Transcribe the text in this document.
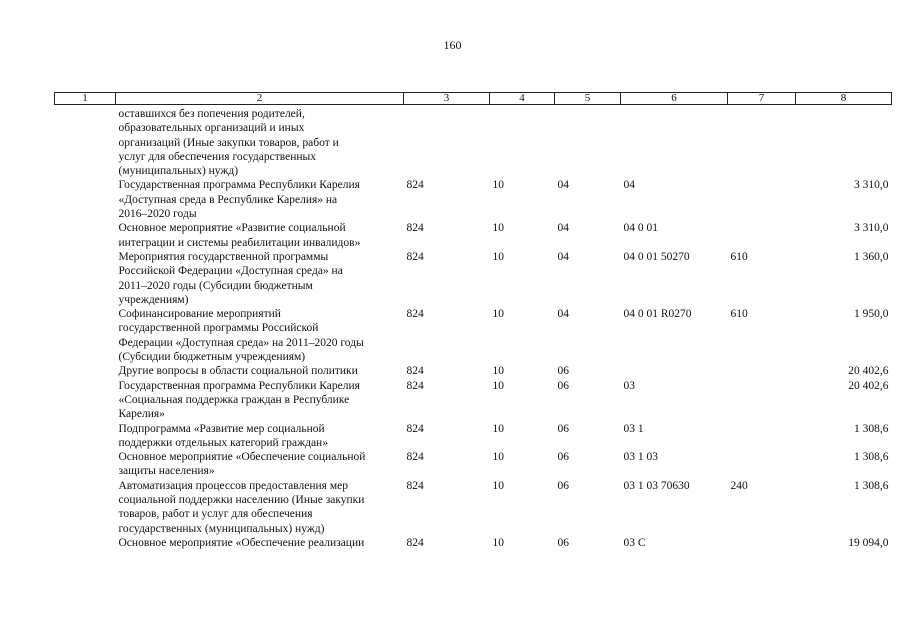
160
1	2	3	4	5	6	7	8

	оставшихся без попечения родителей,
образовательных организаций и иных
организаций (Иные закупки товаров, работ и
услуг для обеспечения государственных
(муниципальных) нужд)						

	Государственная программа Республики Карелия
«Доступная среда в Республике Карелия» на
2016–2020 годы	824	10	04	04		3 310,0

	Основное мероприятие «Развитие социальной
интеграции и системы реабилитации инвалидов»	824	10	04	04 0 01		3 310,0

	Мероприятия государственной программы
Российской Федерации «Доступная среда» на
2011–2020 годы (Субсидии бюджетным
учреждениям)	824	10	04	04 0 01 50270	610	1 360,0

	Софинансирование мероприятий
государственной программы Российской
Федерации «Доступная среда» на 2011–2020 годы
(Субсидии бюджетным учреждениям)	824	10	04	04 0 01 R0270	610	1 950,0

	Другие вопросы в области социальной политики	824	10	06			20 402,6

	Государственная программа Республики Карелия
«Социальная поддержка граждан в Республике
Карелия»	824	10	06	03		20 402,6

	Подпрограмма «Развитие мер социальной
поддержки отдельных категорий граждан»	824	10	06	03 1		1 308,6

	Основное мероприятие «Обеспечение социальной
защиты населения»	824	10	06	03 1 03		1 308,6

	Автоматизация процессов предоставления мер
социальной поддержки населению (Иные закупки
товаров, работ и услуг для обеспечения
государственных (муниципальных) нужд)	824	10	06	03 1 03 70630	240	1 308,6

	Основное мероприятие «Обеспечение реализации	824	10	06	03 С		19 094,0
